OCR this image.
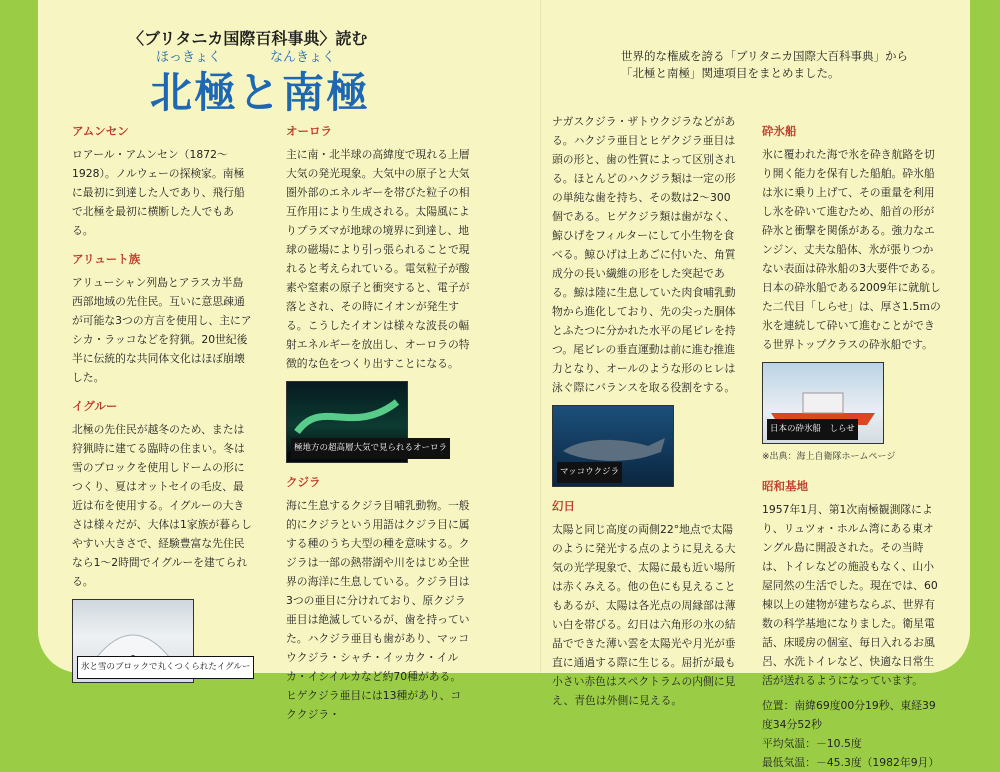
〈ブリタニカ国際百科事典〉読む
ほっきょく	なんきょく
北極と南極
世界的な権威を誇る「ブリタニカ国際大百科事典」から「北極と南極」関連項目をまとめました。
アムンセン

ロアール・アムンセン（1872～1928）。ノルウェーの探検家。南極に最初に到達した人であり、飛行船で北極を最初に横断した人でもある。

アリュート族

アリューシャン列島とアラスカ半島西部地域の先住民。互いに意思疎通が可能な3つの方言を使用し、主にアシカ・ラッコなどを狩猟。20世紀後半に伝統的な共同体文化はほぼ崩壊した。

イグルー

北極の先住民が越冬のため、または狩猟時に建てる臨時の住まい。冬は雪のブロックを使用しドームの形につくり、夏はオットセイの毛皮、最近は布を使用する。イグルーの大きさは様々だが、大体は1家族が暮らしやすい大きさで、経験豊富な先住民なら1～2時間でイグルーを建てられる。

氷と雪のブロックで丸くつくられたイグルー
オーロラ

主に南・北半球の高緯度で現れる上層大気の発光現象。大気中の原子と大気圏外部のエネルギーを帯びた粒子の相互作用により生成される。太陽風によりプラズマが地球の境界に到達し、地球の磁場により引っ張られることで現れると考えられている。電気粒子が酸素や窒素の原子と衝突すると、電子が落とされ、その時にイオンが発生する。こうしたイオンは様々な波長の輻射エネルギーを放出し、オーロラの特徴的な色をつくり出すことになる。

極地方の超高層大気で見られるオーロラ
クジラ

海に生息するクジラ目哺乳動物。一般的にクジラという用語はクジラ目に属する種のうち大型の種を意味する。クジラは一部の熱帯湖や川をはじめ全世界の海洋に生息している。クジラ目は3つの亜目に分けれており、原クジラ亜目は絶滅しているが、歯を持っていた。ハクジラ亜目も歯があり、マッコウクジラ・シャチ・イッカク・イルカ・イシイルカなど約70種がある。ヒゲクジラ亜目には13種があり、コククジラ・

ナガスクジラ・ザトウクジラなどがある。ハクジラ亜目とヒゲクジラ亜目は頭の形と、歯の性質によって区別される。ほとんどのハクジラ類は一定の形の単純な歯を持ち、その数は2～300個である。ヒゲクジラ類は歯がなく、鯨ひげをフィルターにして小生物を食べる。鯨ひげは上あごに付いた、角質成分の長い繊維の形をした突起である。鯨は陸に生息していた肉食哺乳動物から進化しており、先の尖った胴体とふたつに分かれた水平の尾ビレを持つ。尾ビレの垂直運動は前に進む推進力となり、オールのような形のヒレは泳ぐ際にバランスを取る役割をする。

マッコウクジラ
幻日

太陽と同じ高度の両側22°地点で太陽のように発光する点のように見える大気の光学現象で、太陽に最も近い場所は赤くみえる。他の色にも見えることもあるが、太陽は各光点の周縁部は薄い白を帯びる。幻日は六角形の氷の結晶でできた薄い雲を太陽光や月光が垂直に通過する際に生じる。屈折が最も小さい赤色はスペクトラムの内側に見え、青色は外側に見える。

砕氷船

氷に覆われた海で氷を砕き航路を切り開く能力を保有した船舶。砕氷船は氷に乗り上げて、その重量を利用し氷を砕いて進むため、船首の形が砕氷と衝撃を関係がある。強力なエンジン、丈夫な船体、氷が張りつかない表面は砕氷船の3大要件である。日本の砕氷船である2009年に就航した二代目「しらせ」は、厚さ1.5ｍの氷を連続して砕いて進むことができる世界トップクラスの砕氷船です。

日本の砕氷船　しらせ

※出典：海上自衛隊ホームページ

昭和基地

1957年1月、第1次南極観測隊により、リュツォ・ホルム湾にある東オングル島に開設された。その当時は、トイレなどの施設もなく、山小屋同然の生活でした。現在では、60棟以上の建物が建ちならぶ、世界有数の科学基地になりました。衛星電話、床暖房の個室、毎日入れるお風呂、水洗トイレなど、快適な日常生活が送れるようになっています。

位置：南緯69度00分19秒、東経39度34分52秒

平均気温：－10.5度

最低気温：－45.3度（1982年9月）
